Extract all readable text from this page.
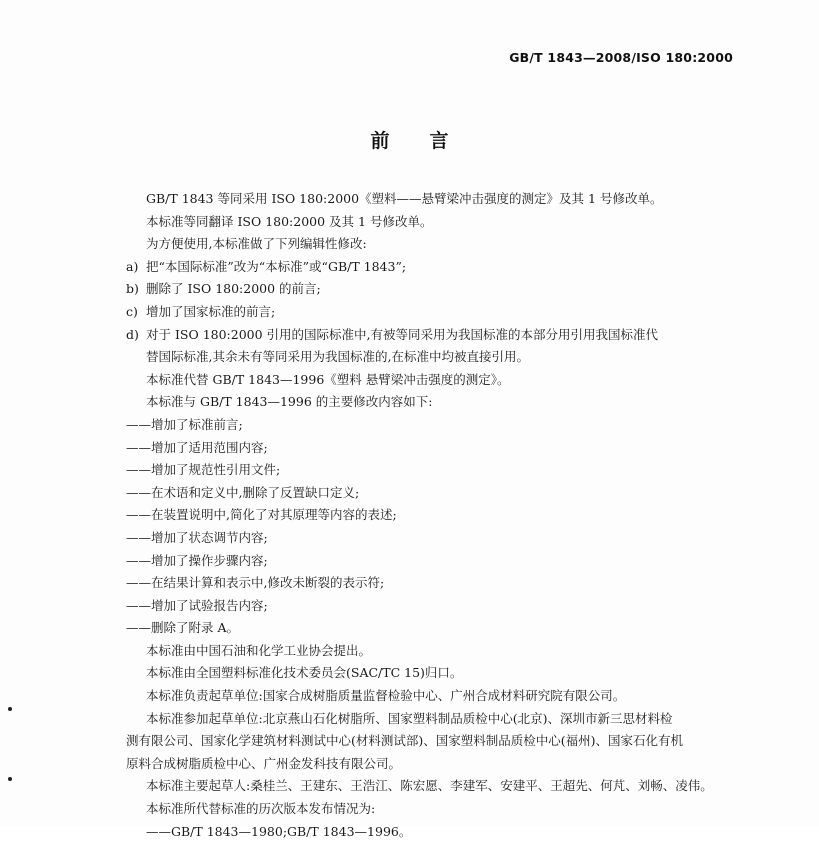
GB/T 1843—2008/ISO 180:2000
前言
GB/T 1843 等同采用 ISO 180:2000《塑料——悬臂梁冲击强度的测定》及其 1 号修改单。
本标准等同翻译 ISO 180:2000 及其 1 号修改单。
为方便使用,本标准做了下列编辑性修改:
a) 把“本国际标准”改为“本标准”或“GB/T 1843”;
b) 删除了 ISO 180:2000 的前言;
c) 增加了国家标准的前言;
d) 对于 ISO 180:2000 引用的国际标准中,有被等同采用为我国标准的本部分用引用我国标准代
替国际标准,其余未有等同采用为我国标准的,在标准中均被直接引用。
本标准代替 GB/T 1843—1996《塑料 悬臂梁冲击强度的测定》。
本标准与 GB/T 1843—1996 的主要修改内容如下:
——增加了标准前言;
——增加了适用范围内容;
——增加了规范性引用文件;
——在术语和定义中,删除了反置缺口定义;
——在装置说明中,简化了对其原理等内容的表述;
——增加了状态调节内容;
——增加了操作步骤内容;
——在结果计算和表示中,修改未断裂的表示符;
——增加了试验报告内容;
——删除了附录 A。
本标准由中国石油和化学工业协会提出。
本标准由全国塑料标准化技术委员会(SAC/TC 15)归口。
本标准负责起草单位:国家合成树脂质量监督检验中心、广州合成材料研究院有限公司。
本标准参加起草单位:北京燕山石化树脂所、国家塑料制品质检中心(北京)、深圳市新三思材料检
测有限公司、国家化学建筑材料测试中心(材料测试部)、国家塑料制品质检中心(福州)、国家石化有机
原料合成树脂质检中心、广州金发科技有限公司。
本标准主要起草人:桑桂兰、王建东、王浩江、陈宏愿、李建军、安建平、王超先、何芃、刘畅、凌伟。
本标准所代替标准的历次版本发布情况为:
——GB/T 1843—1980;GB/T 1843—1996。
